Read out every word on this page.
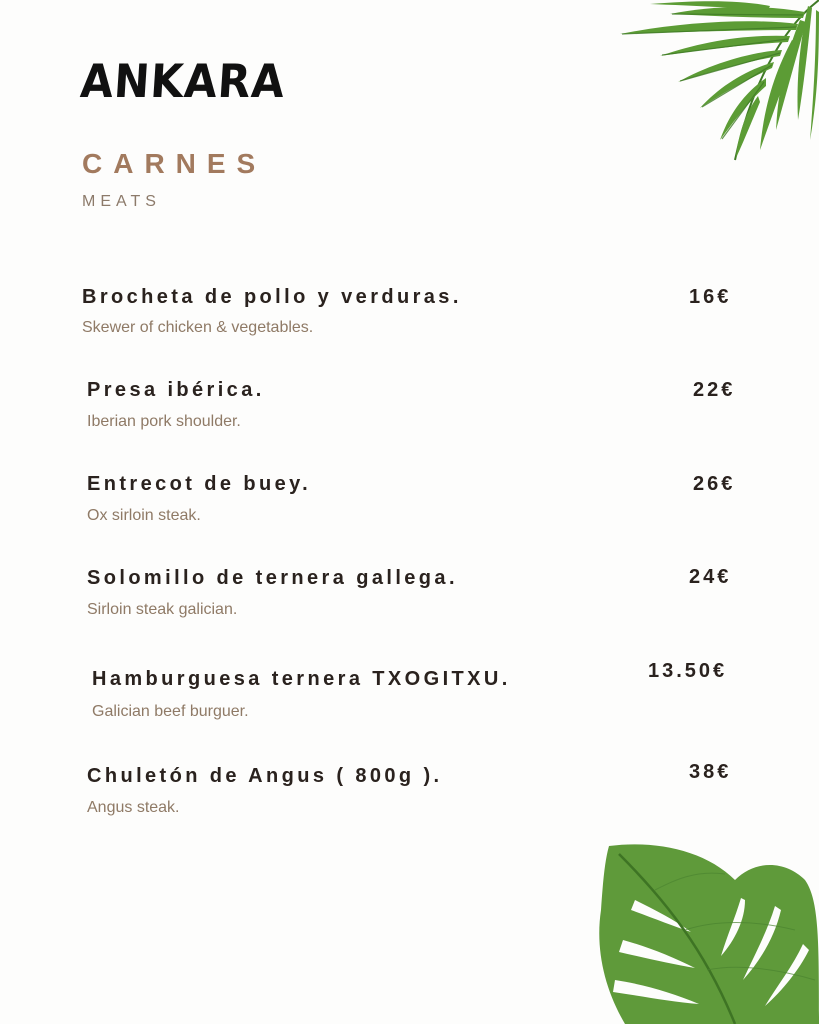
ANKARA
CARNES
MEATS
Brocheta de pollo y verduras.
Skewer of chicken & vegetables.
16€
Presa ibérica.
Iberian pork shoulder.
22€
Entrecot de buey.
Ox sirloin steak.
26€
Solomillo de ternera gallega.
Sirloin steak galician.
24€
Hamburguesa ternera TXOGITXU.
Galician beef burguer.
13.50€
Chuletón de Angus ( 800g ).
Angus steak.
38€
